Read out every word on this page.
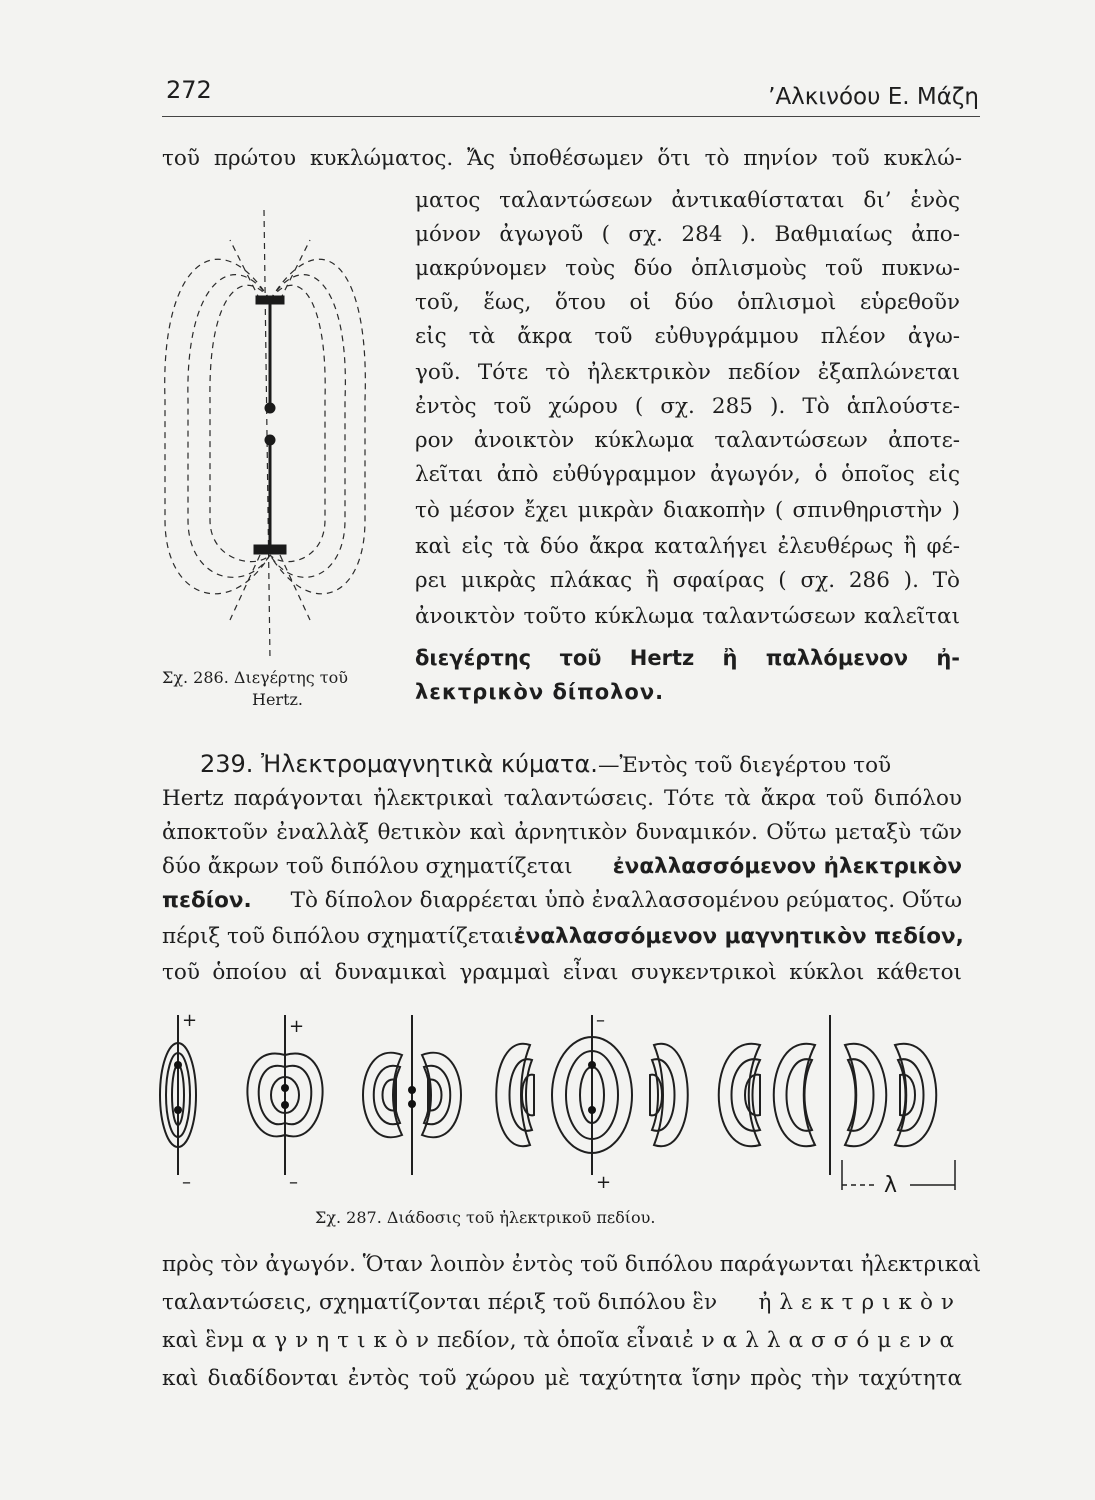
272	’Αλκινόου Ε. Μάζη
τοῦ πρώτου κυκλώματος. Ἄς ὑποθέσωμεν ὅτι τὸ πηνίον τοῦ κυκλώ-
ματος ταλαντώσεων ἀντικαθίσταται δι’ ἑνὸς
μόνον ἀγωγοῦ ( σχ. 284 ). Βαθμιαίως ἀπο-
μακρύνομεν τοὺς δύο ὁπλισμοὺς τοῦ πυκνω-
τοῦ, ἕως, ὅτου οἱ δύο ὁπλισμοὶ εὑρεθοῦν
εἰς τὰ ἄκρα τοῦ εὐθυγράμμου πλέον ἀγω-
γοῦ. Τότε τὸ ἠλεκτρικὸν πεδίον ἐξαπλώνεται
ἐντὸς τοῦ χώρου ( σχ. 285 ). Τὸ ἁπλούστε-
ρον ἀνοικτὸν κύκλωμα ταλαντώσεων ἀποτε-
λεῖται ἀπὸ εὐθύγραμμον ἀγωγόν, ὁ ὁποῖος εἰς
τὸ μέσον ἔχει μικρὰν διακοπὴν ( σπινθηριστὴν )
καὶ εἰς τὰ δύο ἄκρα καταλήγει ἐλευθέρως ἢ φέ-
ρει μικρὰς πλάκας ἢ σφαίρας ( σχ. 286 ). Τὸ
ἀνοικτὸν τοῦτο κύκλωμα ταλαντώσεων καλεῖται
διεγέρτης τοῦ Hertz ἢ παλλόμενον ἠ-
λεκτρικὸν δίπολον.
Σχ. 286. Διεγέρτης τοῦ
Hertz.
239. Ἠλεκτρομαγνητικὰ κύματα.—Ἐντὸς τοῦ διεγέρτου τοῦ
Hertz παράγονται ἠλεκτρικαὶ ταλαντώσεις. Τότε τὰ ἄκρα τοῦ διπόλου
ἀποκτοῦν ἐναλλὰξ θετικὸν καὶ ἀρνητικὸν δυναμικόν. Οὕτω μεταξὺ τῶν
δύο ἄκρων τοῦ διπόλου σχηματίζεται ἐναλλασσόμενον ἠλεκτρικὸν
πεδίον. Τὸ δίπολον διαρρέεται ὑπὸ ἐναλλασσομένου ρεύματος. Οὕτω
πέριξ τοῦ διπόλου σχηματίζεται ἐναλλασσόμενον μαγνητικὸν πεδίον,
τοῦ ὁποίου αἱ δυναμικαὶ γραμμαὶ εἶναι συγκεντρικοὶ κύκλοι κάθετοι
+
–
+
–
–
+	λ
Σχ. 287. Διάδοσις τοῦ ἠλεκτρικοῦ πεδίου.
πρὸς τὸν ἀγωγόν. Ὅταν λοιπὸν ἐντὸς τοῦ διπόλου παράγωνται ἠλεκτρικαὶ
ταλαντώσεις, σχηματίζονται πέριξ τοῦ διπόλου ἓν ἠλεκτρικὸν
καὶ ἓν μαγνητικὸν πεδίον, τὰ ὁποῖα εἶναι ἐναλλασσόμενα
καὶ διαδίδονται ἐντὸς τοῦ χώρου μὲ ταχύτητα ἴσην πρὸς τὴν ταχύτητα
